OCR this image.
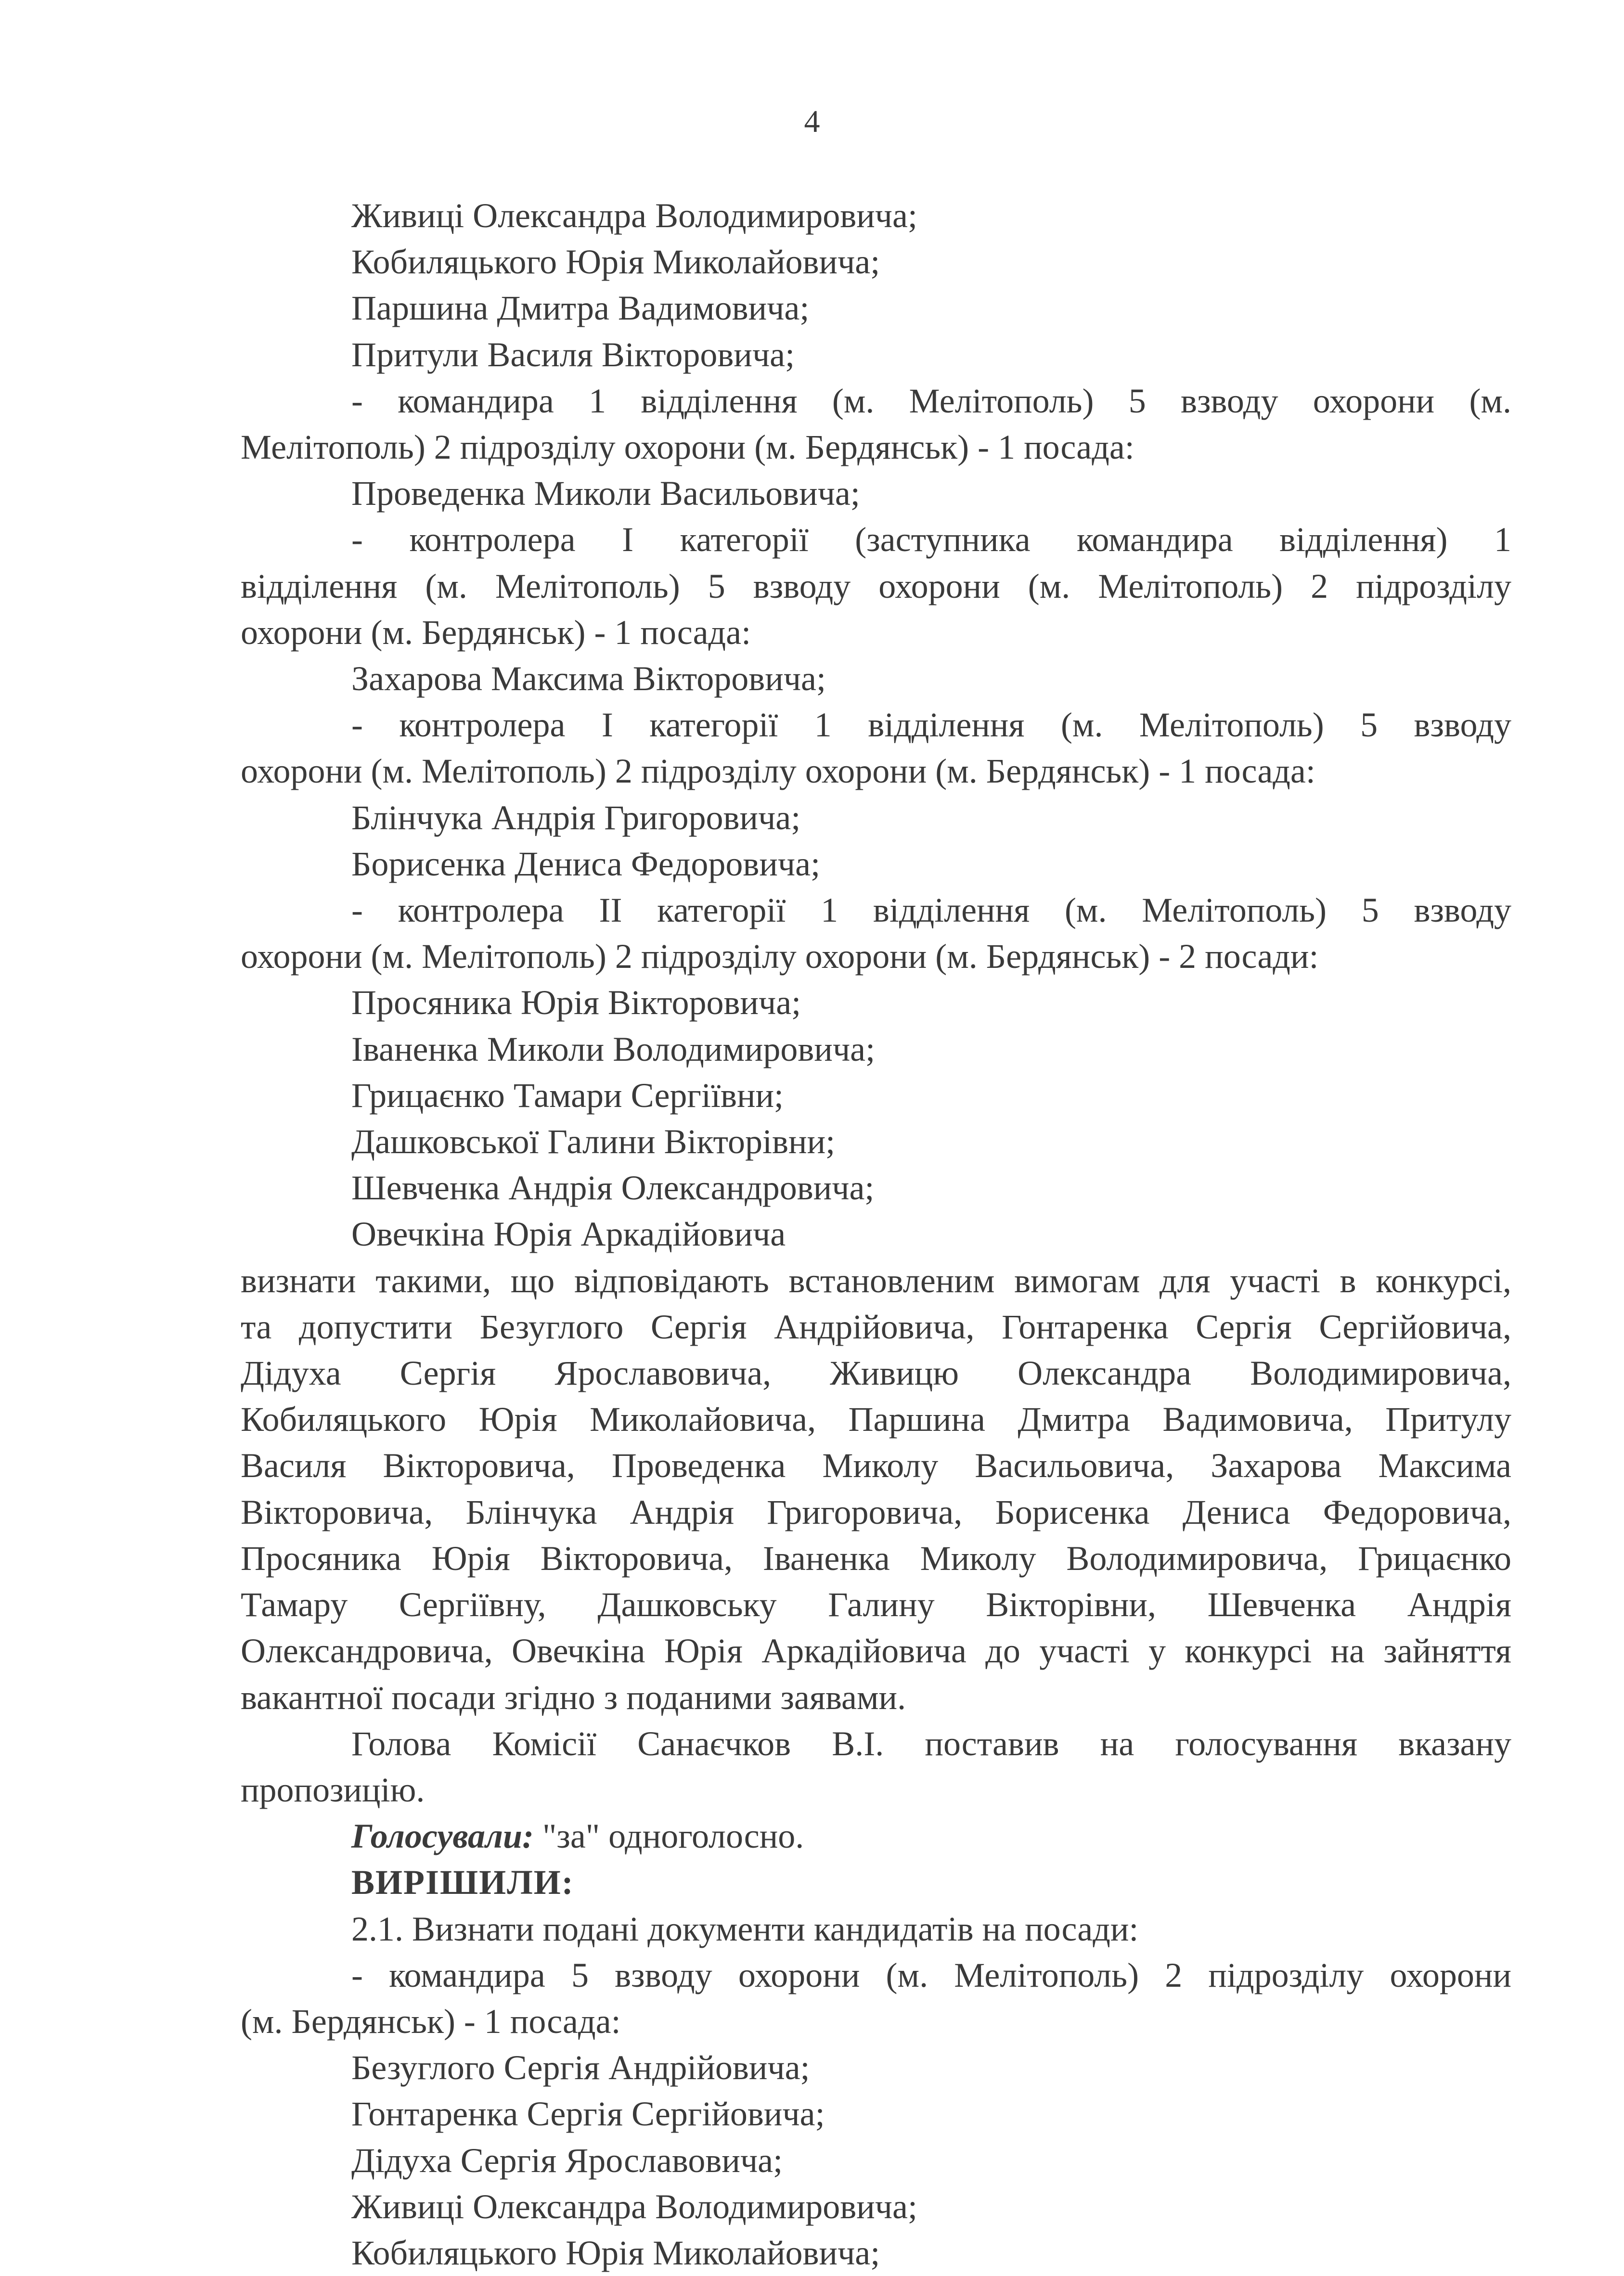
4

Живиці Олександра Володимировича;

Кобиляцького Юрія Миколайовича;

Паршина Дмитра Вадимовича;

Притули Василя Вікторовича;

- командира 1 відділення (м. Мелітополь) 5 взводу охорони (м.

Мелітополь) 2 підрозділу охорони (м. Бердянськ) - 1 посада:

Проведенка Миколи Васильовича;

- контролера I категорії (заступника командира відділення) 1

відділення (м. Мелітополь) 5 взводу охорони (м. Мелітополь) 2 підрозділу

охорони (м. Бердянськ) - 1 посада:

Захарова Максима Вікторовича;

- контролера I категорії 1 відділення (м. Мелітополь) 5 взводу

охорони (м. Мелітополь) 2 підрозділу охорони (м. Бердянськ) - 1 посада:

Блінчука Андрія Григоровича;

Борисенка Дениса Федоровича;

- контролера II категорії 1 відділення (м. Мелітополь) 5 взводу

охорони (м. Мелітополь) 2 підрозділу охорони (м. Бердянськ) - 2 посади:

Просяника Юрія Вікторовича;

Іваненка Миколи Володимировича;

Грицаєнко Тамари Сергіївни;

Дашковської Галини Вікторівни;

Шевченка Андрія Олександровича;

Овечкіна Юрія Аркадійовича

визнати такими, що відповідають встановленим вимогам для участі в конкурсі,

та допустити Безуглого Сергія Андрійовича, Гонтаренка Сергія Сергійовича,

Дідуха Сергія Ярославовича, Живицю Олександра Володимировича,

Кобиляцького Юрія Миколайовича, Паршина Дмитра Вадимовича, Притулу

Василя Вікторовича, Проведенка Миколу Васильовича, Захарова Максима

Вікторовича, Блінчука Андрія Григоровича, Борисенка Дениса Федоровича,

Просяника Юрія Вікторовича, Іваненка Миколу Володимировича, Грицаєнко

Тамару Сергіївну, Дашковську Галину Вікторівни, Шевченка Андрія

Олександровича, Овечкіна Юрія Аркадійовича до участі у конкурсі на зайняття

вакантної посади згідно з поданими заявами.

Голова Комісії Санаєчков В.І. поставив на голосування вказану

пропозицію.

Голосували: "за" одноголосно.

ВИРІШИЛИ:

2.1. Визнати подані документи кандидатів на посади:

- командира 5 взводу охорони (м. Мелітополь) 2 підрозділу охорони

(м. Бердянськ) - 1 посада:

Безуглого Сергія Андрійовича;

Гонтаренка Сергія Сергійовича;

Дідуха Сергія Ярославовича;

Живиці Олександра Володимировича;

Кобиляцького Юрія Миколайовича;
